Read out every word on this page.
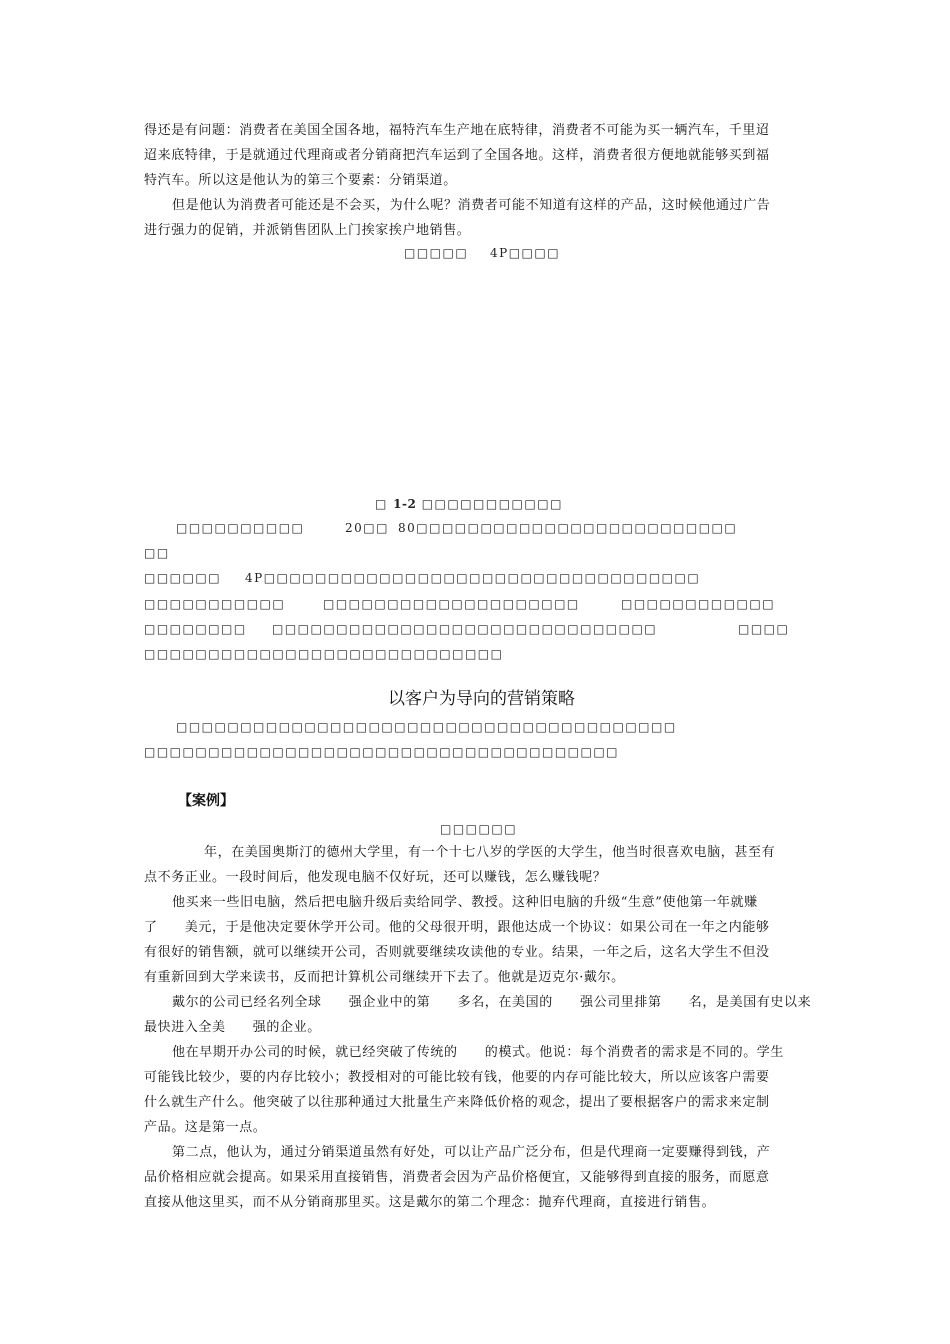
得还是有问题：消费者在美国全国各地，福特汽车生产地在底特律，消费者不可能为买一辆汽车，千里迢
迢来底特律，于是就通过代理商或者分销商把汽车运到了全国各地。这样，消费者很方便地就能够买到福
特汽车。所以这是他认为的第三个要素：分销渠道。
但是他认为消费者可能还是不会买，为什么呢？消费者可能不知道有这样的产品，这时候他通过广告
进行强力的促销，并派销售团队上门挨家挨户地销售。
□□□□□ 4P□□□□
□ 1-2 □□□□□□□□□□□
□□□□□□□□□□	20□□ 80□□□□□□□□□□□□□□□□□□□□□□□□□
□□
□□□□□□ 4P□□□□□□□□□□□□□□□□□□□□□□□□□□□□□□□□□□
□□□□□□□□□□□	□□□□□□□□□□□□□□□□□□□□	□□□□□□□□□□□□
□□□□□□□□ □□□□□□□□□□□□□□□□□□□□□□□□□□□□□□	□□□□
□□□□□□□□□□□□□□□□□□□□□□□□□□□□
以客户为导向的营销策略
□□□□□□□□□□□□□□□□□□□□□□□□□□□□□□□□□□□□□□□
□□□□□□□□□□□□□□□□□□□□□□□□□□□□□□□□□□□□□
【案例】
□□□□□□
年，在美国奥斯汀的德州大学里，有一个十七八岁的学医的大学生，他当时很喜欢电脑，甚至有
点不务正业。一段时间后，他发现电脑不仅好玩，还可以赚钱，怎么赚钱呢？
他买来一些旧电脑，然后把电脑升级后卖给同学、教授。这种旧电脑的升级“生意”使他第一年就赚
了　　美元，于是他决定要休学开公司。他的父母很开明，跟他达成一个协议：如果公司在一年之内能够
有很好的销售额，就可以继续开公司，否则就要继续攻读他的专业。结果，一年之后，这名大学生不但没
有重新回到大学来读书，反而把计算机公司继续开下去了。他就是迈克尔·戴尔。
戴尔的公司已经名列全球　　强企业中的第　　多名，在美国的　　强公司里排第　　名，是美国有史以来
最快进入全美　　强的企业。
他在早期开办公司的时候，就已经突破了传统的　　的模式。他说：每个消费者的需求是不同的。学生
可能钱比较少，要的内存比较小；教授相对的可能比较有钱，他要的内存可能比较大，所以应该客户需要
什么就生产什么。他突破了以往那种通过大批量生产来降低价格的观念，提出了要根据客户的需求来定制
产品。这是第一点。
第二点，他认为，通过分销渠道虽然有好处，可以让产品广泛分布，但是代理商一定要赚得到钱，产
品价格相应就会提高。如果采用直接销售，消费者会因为产品价格便宜，又能够得到直接的服务，而愿意
直接从他这里买，而不从分销商那里买。这是戴尔的第二个理念：抛弃代理商，直接进行销售。
